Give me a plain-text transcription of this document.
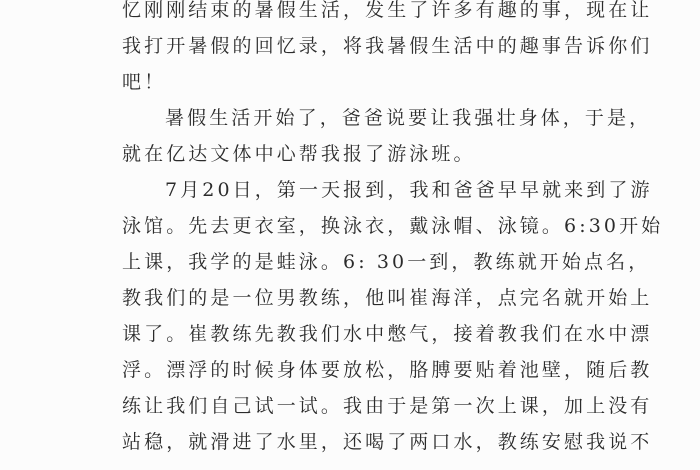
忆刚刚结束的暑假生活，发生了许多有趣的事，现在让
我打开暑假的回忆录，将我暑假生活中的趣事告诉你们
吧！
暑假生活开始了，爸爸说要让我强壮身体，于是，
就在亿达文体中心帮我报了游泳班。
7月20日，第一天报到，我和爸爸早早就来到了游
泳馆。先去更衣室，换泳衣，戴泳帽、泳镜。6:30开始
上课，我学的是蛙泳。6: 30一到，教练就开始点名，
教我们的是一位男教练，他叫崔海洋，点完名就开始上
课了。崔教练先教我们水中憋气，接着教我们在水中漂
浮。漂浮的时候身体要放松，胳膊要贴着池壁，随后教
练让我们自己试一试。我由于是第一次上课，加上没有
站稳，就滑进了水里，还喝了两口水，教练安慰我说不
